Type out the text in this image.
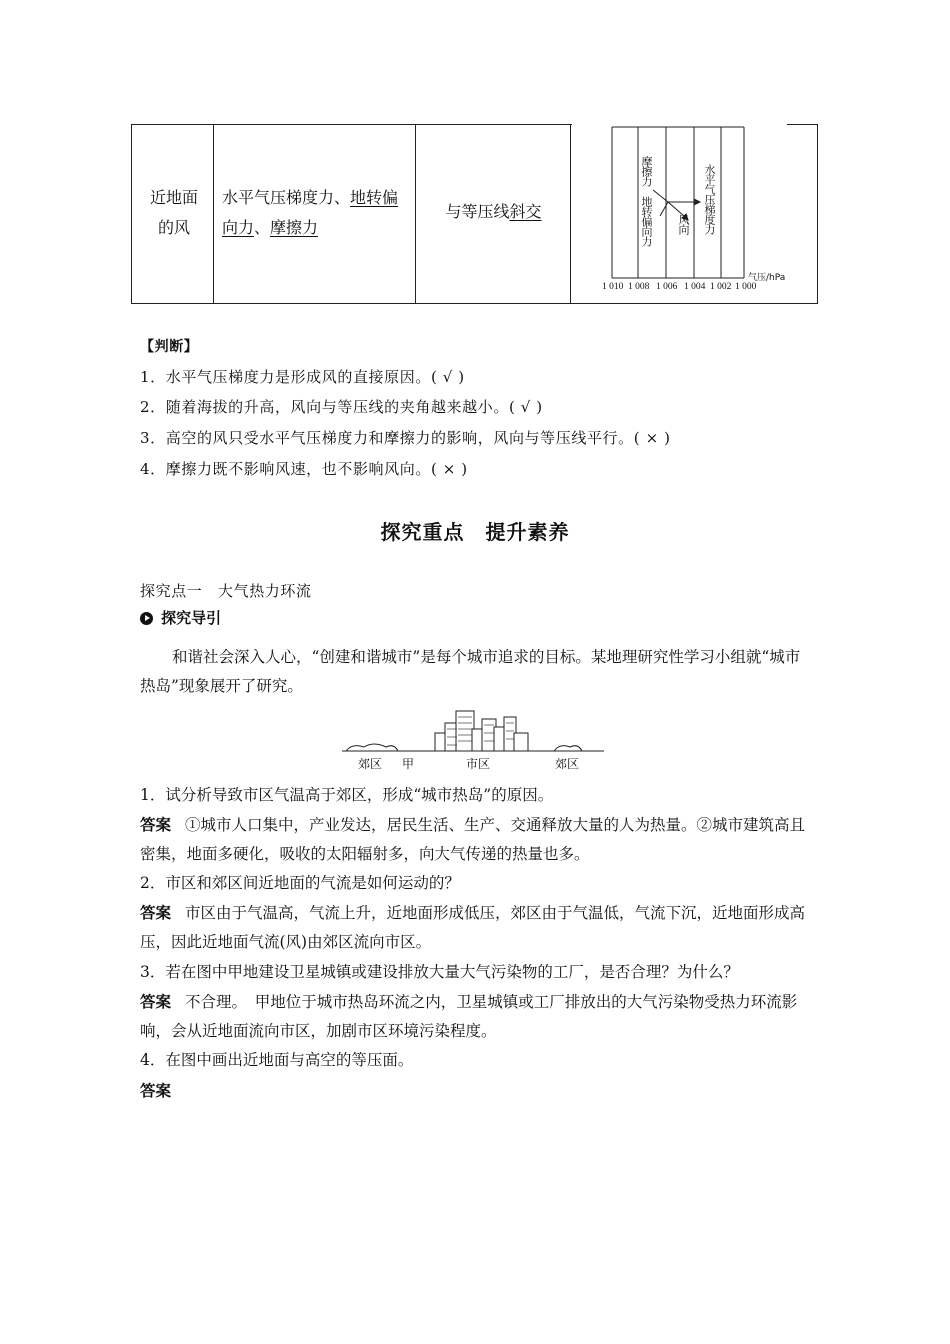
近地面
的风
水平气压梯度力、地转偏
向力、摩擦力
与等压线斜交
摩擦力
地转偏向力 风向 水平气压梯度力
气压/hPa
1 010 1 008 1 006 1 004 1 002 1 000
【判断】
1．水平气压梯度力是形成风的直接原因。( √ )
2．随着海拔的升高，风向与等压线的夹角越来越小。( √ )
3．高空的风只受水平气压梯度力和摩擦力的影响，风向与等压线平行。( × )
4．摩擦力既不影响风速，也不影响风向。( × )
探究重点　提升素养
探究点一　大气热力环流
探究导引
和谐社会深入人心，“创建和谐城市”是每个城市追求的目标。某地理研究性学习小组就“城市热岛”现象展开了研究。
郊区 甲	市区	郊区
1．试分析导致市区气温高于郊区，形成“城市热岛”的原因。
答案 ①城市人口集中，产业发达，居民生活、生产、交通释放大量的人为热量。②城市建筑高且密集，地面多硬化，吸收的太阳辐射多，向大气传递的热量也多。
2．市区和郊区间近地面的气流是如何运动的？
答案 市区由于气温高，气流上升，近地面形成低压，郊区由于气温低，气流下沉，近地面形成高压，因此近地面气流(风)由郊区流向市区。
3．若在图中甲地建设卫星城镇或建设排放大量大气污染物的工厂，是否合理？为什么？
答案 不合理。　甲地位于城市热岛环流之内，卫星城镇或工厂排放出的大气污染物受热力环流影响，会从近地面流向市区，加剧市区环境污染程度。
4．在图中画出近地面与高空的等压面。
答案
